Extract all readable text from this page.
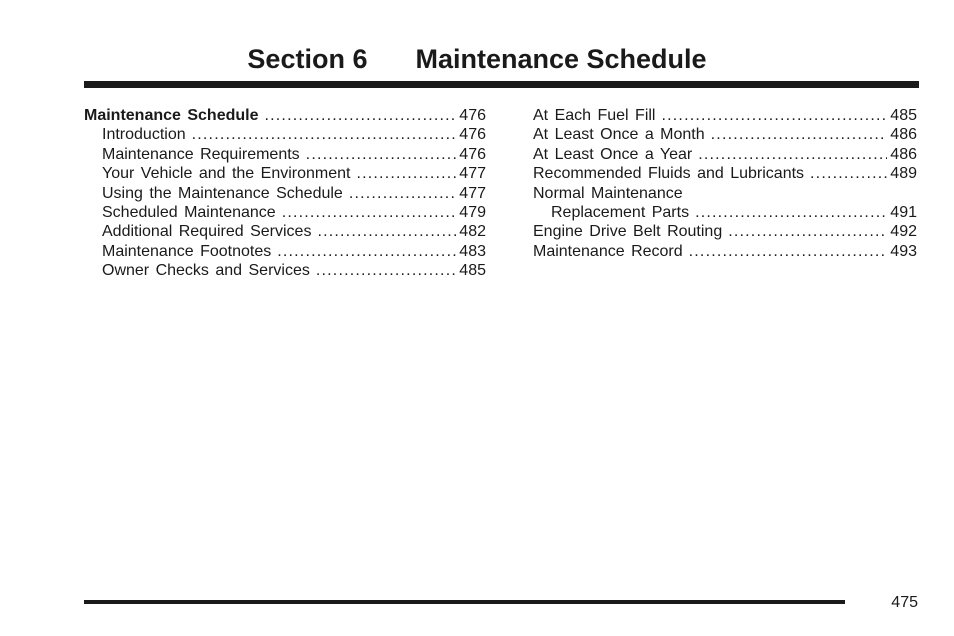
Section 6 Maintenance Schedule
Maintenance Schedule .....	476
Introduction .....	476
Maintenance Requirements .....	476
Your Vehicle and the Environment .....	477
Using the Maintenance Schedule .....	477
Scheduled Maintenance .....	479
Additional Required Services .....	482
Maintenance Footnotes .....	483
Owner Checks and Services .....	485
At Each Fuel Fill .....	485
At Least Once a Month .....	486
At Least Once a Year .....	486
Recommended Fluids and Lubricants .....	489
Normal Maintenance
Replacement Parts .....	491
Engine Drive Belt Routing .....	492
Maintenance Record .....	493
475
